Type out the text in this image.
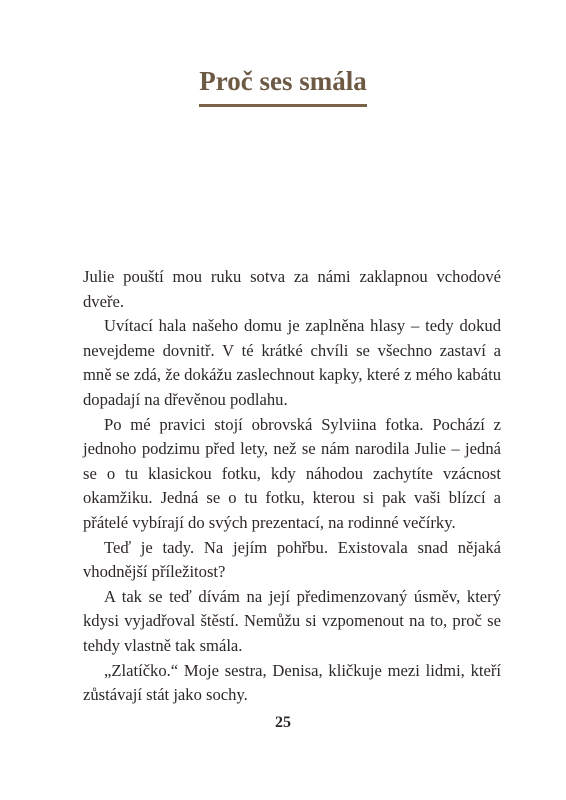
Proč ses smála

Julie pouští mou ruku sotva za námi zaklapnou vchodové dveře.

Uvítací hala našeho domu je zaplněna hlasy – tedy dokud nevejdeme dovnitř. V té krátké chvíli se všechno zastaví a mně se zdá, že dokážu zaslechnout kapky, které z mého kabátu dopadají na dřevěnou podlahu.

Po mé pravici stojí obrovská Sylviina fotka. Pochází z jednoho podzimu před lety, než se nám narodila Julie – jedná se o tu klasickou fotku, kdy náhodou zachytíte vzácnost okamžiku. Jedná se o tu fotku, kterou si pak vaši blízcí a přátelé vybírají do svých prezentací, na rodinné večírky.

Teď je tady. Na jejím pohřbu. Existovala snad nějaká vhodnější příležitost?

A tak se teď dívám na její předimenzovaný úsměv, který kdysi vyjadřoval štěstí. Nemůžu si vzpomenout na to, proč se tehdy vlastně tak smála.

„Zlatíčko.“ Moje sestra, Denisa, kličkuje mezi lidmi, kteří zůstávají stát jako sochy.

25
